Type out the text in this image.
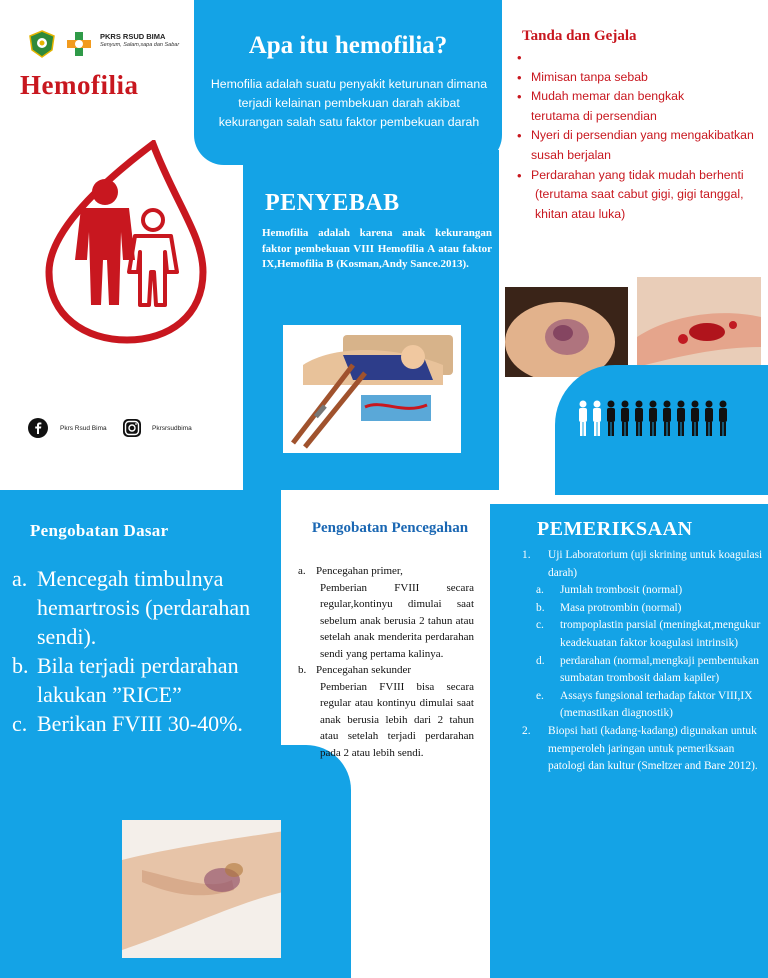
PKRS RSUD BIMA
Senyum, Salam,sapa dan Sabar
Hemofilia
Pkrs Rsud Bima	Pkrsrsudbima
Apa itu hemofilia?
Hemofilia adalah suatu penyakit keturunan dimana terjadi kelainan pembekuan darah akibat kekurangan salah satu faktor pembekuan darah
PENYEBAB
Hemofilia adalah karena anak kekurangan faktor pembekuan VIII Hemofilia A atau faktor IX,Hemofilia B (Kosman,Andy Sance.2013).
Tanda dan Gejala
•
• Mimisan tanpa sebab
• Mudah memar dan bengkak
terutama di persendian
• Nyeri di persendian yang mengakibatkan
susah berjalan
• Perdarahan yang tidak mudah berhenti
(terutama saat cabut gigi, gigi tanggal, khitan atau luka)
Pengobatan Dasar
a. Mencegah timbulnya hemartrosis (perdarahan sendi).
b. Bila terjadi perdarahan lakukan ”RICE”
c. Berikan FVIII 30-40%.
Pengobatan Pencegahan
a. Pencegahan primer,
Pemberian FVIII secara regular,kontinyu dimulai saat sebelum anak berusia 2 tahun atau setelah anak menderita perdarahan sendi yang pertama kalinya.
b. Pencegahan sekunder
Pemberian FVIII bisa secara regular atau kontinyu dimulai saat anak berusia lebih dari 2 tahun atau setelah terjadi perdarahan pada 2 atau lebih sendi.
PEMERIKSAAN
1.	Uji Laboratorium (uji skrining untuk koagulasi darah)
a.	Jumlah trombosit (normal)
b.	Masa protrombin (normal)
c.	trompoplastin parsial (meningkat,mengukur keadekuatan faktor koagulasi intrinsik)
d.	perdarahan (normal,mengkaji pembentukan sumbatan trombosit dalam kapiler)
e.	Assays fungsional terhadap faktor VIII,IX (memastikan diagnostik)
2.	Biopsi hati (kadang-kadang) digunakan untuk memperoleh jaringan untuk pemeriksaan patologi dan kultur (Smeltzer and Bare 2012).
